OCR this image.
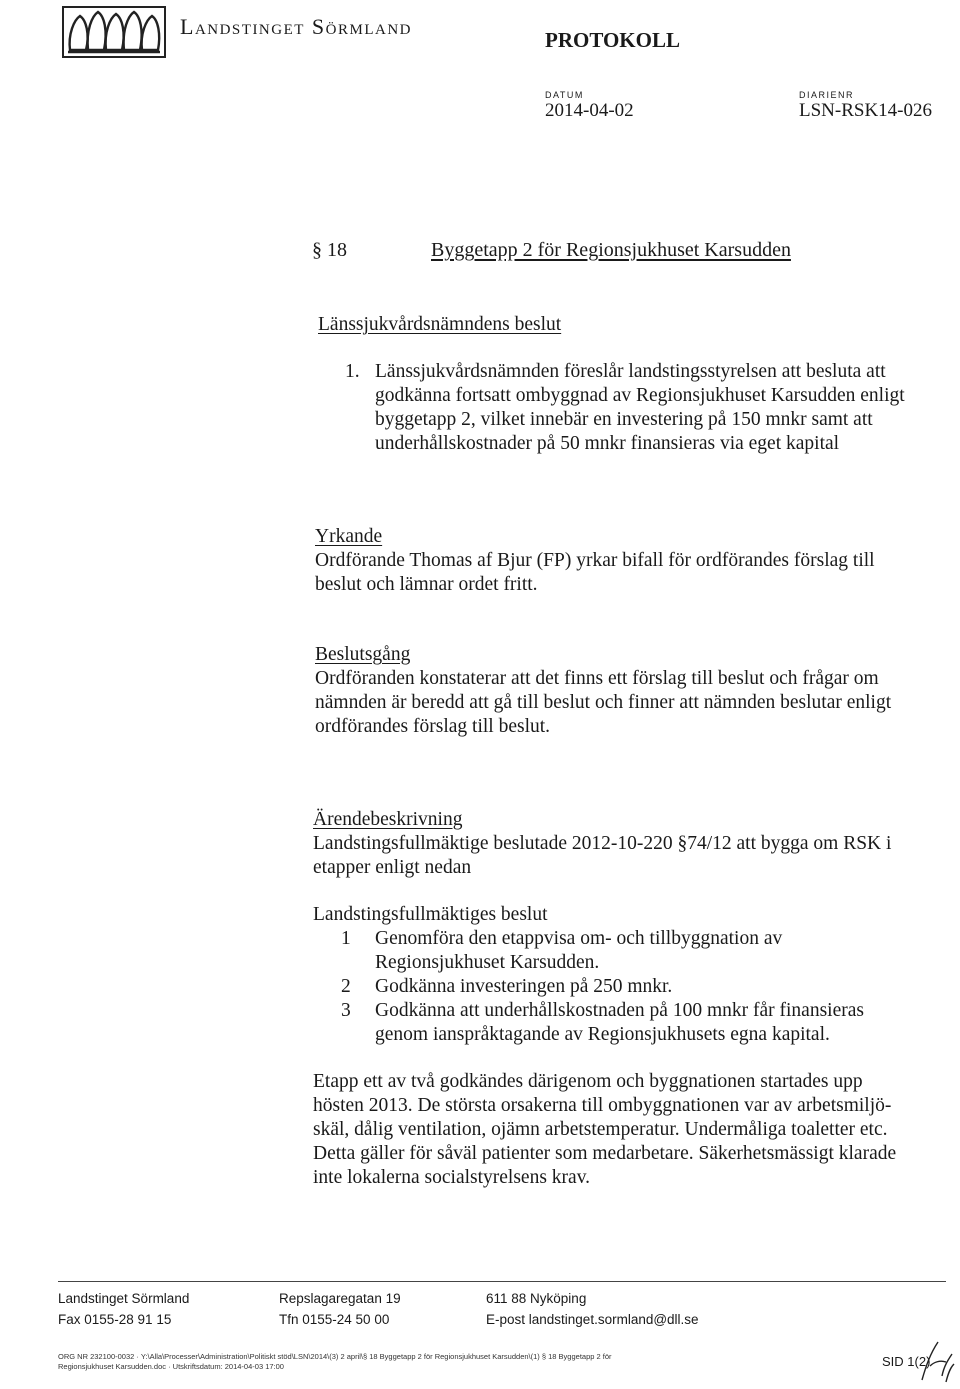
Landstinget Sörmland
PROTOKOLL
DATUM
2014-04-02
DIARIENR
LSN-RSK14-026
§ 18	Byggetapp 2 för Regionsjukhuset Karsudden
Länssjukvårdsnämndens beslut
1. Länssjukvårdsnämnden föreslår landstingsstyrelsen att besluta att
godkänna fortsatt ombyggnad av Regionsjukhuset Karsudden enligt
byggetapp 2, vilket innebär en investering på 150 mnkr samt att
underhållskostnader på 50 mnkr finansieras via eget kapital
Yrkande
Ordförande Thomas af Bjur (FP) yrkar bifall för ordförandes förslag till
beslut och lämnar ordet fritt.
Beslutsgång
Ordföranden konstaterar att det finns ett förslag till beslut och frågar om
nämnden är beredd att gå till beslut och finner att nämnden beslutar enligt
ordförandes förslag till beslut.
Ärendebeskrivning
Landstingsfullmäktige beslutade 2012-10-220 §74/12 att bygga om RSK i
etapper enligt nedan
Landstingsfullmäktiges beslut
1	Genomföra den etappvisa om- och tillbyggnation av
Regionsjukhuset Karsudden.
2	Godkänna investeringen på 250 mnkr.
3	Godkänna att underhållskostnaden på 100 mnkr får finansieras
genom ianspråktagande av Regionsjukhusets egna kapital.
Etapp ett av två godkändes därigenom och byggnationen startades upp
hösten 2013. De största orsakerna till ombyggnationen var av arbetsmiljö-
skäl, dålig ventilation, ojämn arbetstemperatur. Undermåliga toaletter etc.
Detta gäller för såväl patienter som medarbetare. Säkerhetsmässigt klarade
inte lokalerna socialstyrelsens krav.
Landstinget Sörmland	Repslagaregatan 19	611 88 Nyköping
Fax 0155-28 91 15	Tfn 0155-24 50 00	E-post landstinget.sormland@dll.se
ORG NR 232100-0032 · Y:\Alla\Processer\Administration\Politiskt stöd\LSN\2014\(3) 2 april\§ 18 Byggetapp 2 för Regionsjukhuset Karsudden\(1) § 18 Byggetapp 2 för
Regionsjukhuset Karsudden.doc · Utskriftsdatum: 2014-04-03 17:00	SID 1(2)
